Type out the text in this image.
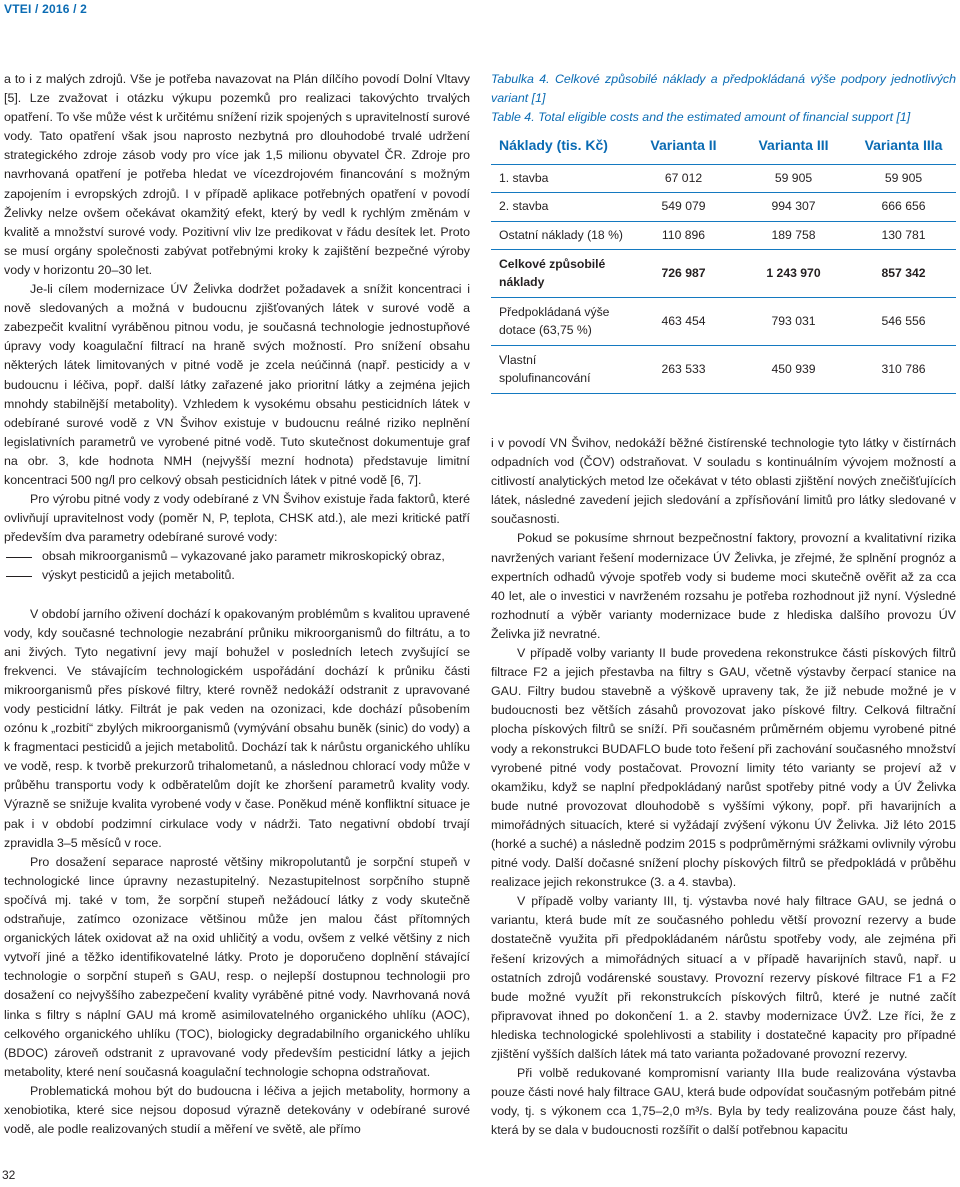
VTEI / 2016 / 2

a to i z malých zdrojů. Vše je potřeba navazovat na Plán dílčího povodí Dolní Vltavy [5]. Lze zvažovat i otázku výkupu pozemků pro realizaci takovýchto trvalých opatření. To vše může vést k určitému snížení rizik spojených s upravitelností surové vody. Tato opatření však jsou naprosto nezbytná pro dlouhodobé trvalé udržení strategického zdroje zásob vody pro více jak 1,5 milionu obyvatel ČR. Zdroje pro navrhovaná opatření je potřeba hledat ve vícezdrojovém financování s možným zapojením i evropských zdrojů. I v případě aplikace potřebných opatření v povodí Želivky nelze ovšem očekávat okamžitý efekt, který by vedl k rychlým změnám v kvalitě a množství surové vody. Pozitivní vliv lze predikovat v řádu desítek let. Proto se musí orgány společnosti zabývat potřebnými kroky k zajištění bezpečné výroby vody v horizontu 20–30 let.

Je-li cílem modernizace ÚV Želivka dodržet požadavek a snížit koncentraci i nově sledovaných a možná v budoucnu zjišťovaných látek v surové vodě a zabezpečit kvalitní vyráběnou pitnou vodu, je současná technologie jednostupňové úpravy vody koagulační filtrací na hraně svých možností. Pro snížení obsahu některých látek limitovaných v pitné vodě je zcela neúčinná (např. pesticidy a v budoucnu i léčiva, popř. další látky zařazené jako prioritní látky a zejména jejich mnohdy stabilnější metabolity). Vzhledem k vysokému obsahu pesticidních látek v odebírané surové vodě z VN Švihov existuje v budoucnu reálné riziko neplnění legislativních parametrů ve vyrobené pitné vodě. Tuto skutečnost dokumentuje graf na obr. 3, kde hodnota NMH (nejvyšší mezní hodnota) představuje limitní koncentraci 500 ng/l pro celkový obsah pesticidních látek v pitné vodě [6, 7].

Pro výrobu pitné vody z vody odebírané z VN Švihov existuje řada faktorů, které ovlivňují upravitelnost vody (poměr N, P, teplota, CHSK atd.), ale mezi kritické patří především dva parametry odebírané surové vody:

obsah mikroorganismů – vykazované jako parametr mikroskopický obraz,
výskyt pesticidů a jejich metabolitů.

V období jarního oživení dochází k opakovaným problémům s kvalitou upravené vody, kdy současné technologie nezabrání průniku mikroorganismů do filtrátu, a to ani živých. Tyto negativní jevy mají bohužel v posledních letech zvyšující se frekvenci. Ve stávajícím technologickém uspořádání dochází k průniku části mikroorganismů přes pískové filtry, které rovněž nedokáží odstranit z upravované vody pesticidní látky. Filtrát je pak veden na ozonizaci, kde dochází působením ozónu k „rozbití“ zbylých mikroorganismů (vymývání obsahu buněk (sinic) do vody) a k fragmentaci pesticidů a jejich metabolitů. Dochází tak k nárůstu organického uhlíku ve vodě, resp. k tvorbě prekurzorů trihalometanů, a následnou chlorací vody může v průběhu transportu vody k odběratelům dojít ke zhoršení parametrů kvality vody. Výrazně se snižuje kvalita vyrobené vody v čase. Poněkud méně konfliktní situace je pak i v období podzimní cirkulace vody v nádrži. Tato negativní období trvají zpravidla 3–5 měsíců v roce.

Pro dosažení separace naprosté většiny mikropolutantů je sorpční stupeň v technologické lince úpravny nezastupitelný. Nezastupitelnost sorpčního stupně spočívá mj. také v tom, že sorpční stupeň nežádoucí látky z vody skutečně odstraňuje, zatímco ozonizace většinou může jen malou část přítomných organických látek oxidovat až na oxid uhličitý a vodu, ovšem z velké většiny z nich vytvoří jiné a těžko identifikovatelné látky. Proto je doporučeno doplnění stávající technologie o sorpční stupeň s GAU, resp. o nejlepší dostupnou technologii pro dosažení co nejvyššího zabezpečení kvality vyráběné pitné vody. Navrhovaná nová linka s filtry s náplní GAU má kromě asimilovatelného organického uhlíku (AOC), celkového organického uhlíku (TOC), biologicky degradabilního organického uhlíku (BDOC) zároveň odstranit z upravované vody především pesticidní látky a jejich metabolity, které není současná koagulační technologie schopna odstraňovat.

Problematická mohou být do budoucna i léčiva a jejich metabolity, hormony a xenobiotika, které sice nejsou doposud výrazně detekovány v odebírané surové vodě, ale podle realizovaných studií a měření ve světě, ale přímo

Tabulka 4. Celkové způsobilé náklady a předpokládaná výše podpory jednotlivých variant [1]
Table 4. Total eligible costs and the estimated amount of financial support [1]

Náklady (tis. Kč)	Varianta II	Varianta III	Varianta IIIa
1. stavba	67 012	59 905	59 905
2. stavba	549 079	994 307	666 656
Ostatní náklady (18 %)	110 896	189 758	130 781
Celkové způsobilé náklady	726 987	1 243 970	857 342
Předpokládaná výše dotace (63,75 %)	463 454	793 031	546 556
Vlastní spolufinancování	263 533	450 939	310 786

i v povodí VN Švihov, nedokáží běžné čistírenské technologie tyto látky v čistírnách odpadních vod (ČOV) odstraňovat. V souladu s kontinuálním vývojem možností a citlivostí analytických metod lze očekávat v této oblasti zjištění nových znečišťujících látek, následné zavedení jejich sledování a zpřísňování limitů pro látky sledované v současnosti.

Pokud se pokusíme shrnout bezpečnostní faktory, provozní a kvalitativní rizika navržených variant řešení modernizace ÚV Želivka, je zřejmé, že splnění prognóz a expertních odhadů vývoje spotřeb vody si budeme moci skutečně ověřit až za cca 40 let, ale o investici v navrženém rozsahu je potřeba rozhodnout již nyní. Výsledné rozhodnutí a výběr varianty modernizace bude z hlediska dalšího provozu ÚV Želivka již nevratné.

V případě volby varianty II bude provedena rekonstrukce části pískových filtrů filtrace F2 a jejich přestavba na filtry s GAU, včetně výstavby čerpací stanice na GAU. Filtry budou stavebně a výškově upraveny tak, že již nebude možné je v budoucnosti bez větších zásahů provozovat jako pískové filtry. Celková filtrační plocha pískových filtrů se sníží. Při současném průměrném objemu vyrobené pitné vody a rekonstrukci BUDAFLO bude toto řešení při zachování současného množství vyrobené pitné vody postačovat. Provozní limity této varianty se projeví až v okamžiku, když se naplní předpokládaný narůst spotřeby pitné vody a ÚV Želivka bude nutné provozovat dlouhodobě s vyššími výkony, popř. při havarijních a mimořádných situacích, které si vyžádají zvýšení výkonu ÚV Želivka. Již léto 2015 (horké a suché) a následně podzim 2015 s podprůměrnými srážkami ovlivnily výrobu pitné vody. Další dočasné snížení plochy pískových filtrů se předpokládá v průběhu realizace jejich rekonstrukce (3. a 4. stavba).

V případě volby varianty III, tj. výstavba nové haly filtrace GAU, se jedná o variantu, která bude mít ze současného pohledu větší provozní rezervy a bude dostatečně využita při předpokládaném nárůstu spotřeby vody, ale zejména při řešení krizových a mimořádných situací a v případě havarijních stavů, např. u ostatních zdrojů vodárenské soustavy. Provozní rezervy pískové filtrace F1 a F2 bude možné využít při rekonstrukcích pískových filtrů, které je nutné začít připravovat ihned po dokončení 1. a 2. stavby modernizace ÚVŽ. Lze říci, že z hlediska technologické spolehlivosti a stability i dostatečné kapacity pro případné zjištění vyšších dalších látek má tato varianta požadované provozní rezervy.

Při volbě redukované kompromisní varianty IIIa bude realizována výstavba pouze části nové haly filtrace GAU, která bude odpovídat současným potřebám pitné vody, tj. s výkonem cca 1,75–2,0 m³/s. Byla by tedy realizována pouze část haly, která by se dala v budoucnosti rozšířit o další potřebnou kapacitu

32
